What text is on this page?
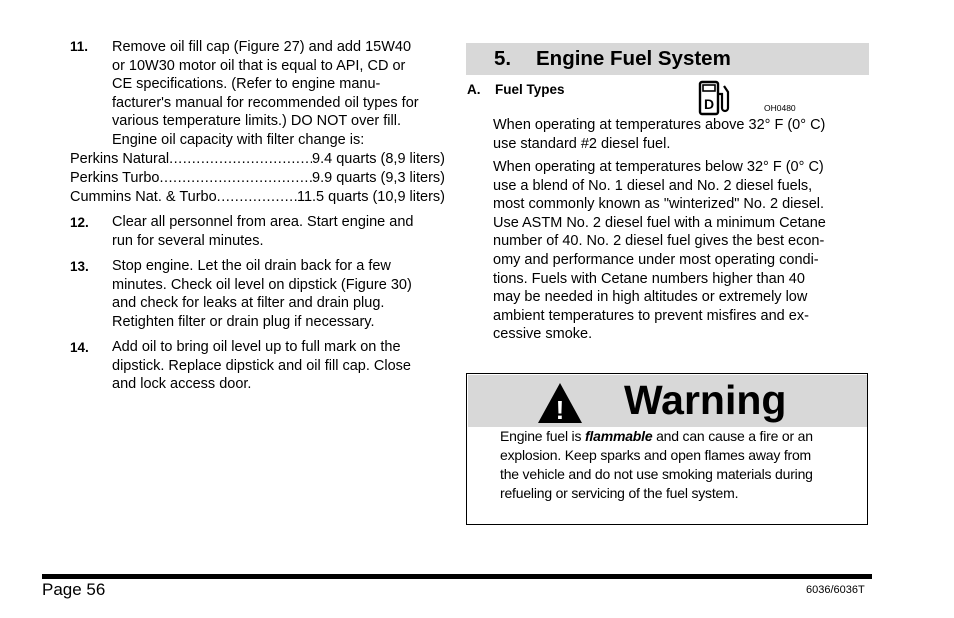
11. Remove oil fill cap (Figure 27) and add 15W40
or 10W30 motor oil that is equal to API, CD or
CE specifications. (Refer to engine manu-
facturer's manual for recommended oil types for
various temperature limits.) DO NOT over fill.
Engine oil capacity with filter change is:
Perkins Natural .....	9.4 quarts (8,9 liters)
Perkins Turbo .....	9.9 quarts (9,3 liters)
Cummins Nat. & Turbo .....	11.5 quarts (10,9 liters)
12. Clear all personnel from area. Start engine and
run for several minutes.
13. Stop engine. Let the oil drain back for a few
minutes. Check oil level on dipstick (Figure 30)
and check for leaks at filter and drain plug.
Retighten filter or drain plug if necessary.
14. Add oil to bring oil level up to full mark on the
dipstick. Replace dipstick and oil fill cap. Close
and lock access door.
5. Engine Fuel System
A. Fuel Types
D	OH0480
When operating at temperatures above 32° F (0° C)
use standard #2 diesel fuel.
When operating at temperatures below 32° F (0° C)
use a blend of No. 1 diesel and No. 2 diesel fuels,
most commonly known as "winterized" No. 2 diesel.
Use ASTM No. 2 diesel fuel with a minimum Cetane
number of 40. No. 2 diesel fuel gives the best econ-
omy and performance under most operating condi-
tions. Fuels with Cetane numbers higher than 40
may be needed in high altitudes or extremely low
ambient temperatures to prevent misfires and ex-
cessive smoke.
! Warning
Engine fuel is flammable and can cause a fire or an
explosion. Keep sparks and open flames away from
the vehicle and do not use smoking materials during
refueling or servicing of the fuel system.
Page 56	6036/6036T
